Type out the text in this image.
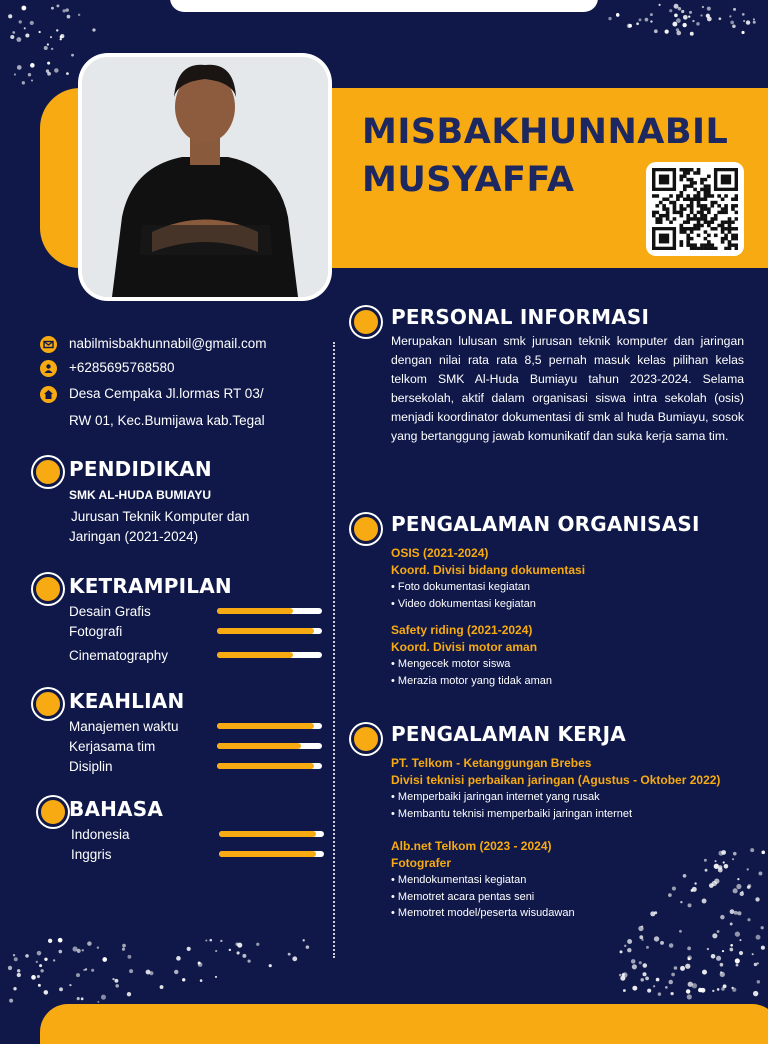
MISBAKHUNNABIL
MUSYAFFA
nabilmisbakhunnabil@gmail.com
+6285695768580
Desa Cempaka Jl.lormas RT 03/
RW 01, Kec.Bumijawa kab.Tegal
PENDIDIKAN
SMK AL-HUDA BUMIAYU
Jurusan Teknik Komputer dan
Jaringan (2021-2024)
KETRAMPILAN
Desain Grafis
Fotografi
Cinematography
KEAHLIAN
Manajemen waktu
Kerjasama tim
Disiplin
BAHASA
Indonesia
Inggris
PERSONAL INFORMASI
Merupakan lulusan smk jurusan teknik komputer dan jaringan dengan nilai rata rata 8,5 pernah masuk kelas pilihan kelas telkom SMK Al-Huda Bumiayu tahun 2023-2024. Selama bersekolah, aktif dalam organisasi siswa intra sekolah (osis) menjadi koordinator dokumentasi di smk al huda Bumiayu, sosok yang bertanggung jawab komunikatif dan suka kerja sama tim.
PENGALAMAN ORGANISASI
OSIS (2021-2024)
Koord. Divisi bidang dokumentasi
• Foto dokumentasi kegiatan
• Video dokumentasi kegiatan
Safety riding (2021-2024)
Koord. Divisi motor aman
• Mengecek motor siswa
• Merazia motor yang tidak aman
PENGALAMAN KERJA
PT. Telkom - Ketanggungan Brebes
Divisi teknisi perbaikan jaringan (Agustus - Oktober 2022)
• Memperbaiki jaringan internet yang rusak
• Membantu teknisi memperbaiki jaringan internet
Alb.net Telkom (2023 - 2024)
Fotografer
• Mendokumentasi kegiatan
• Memotret acara pentas seni
• Memotret model/peserta wisudawan
